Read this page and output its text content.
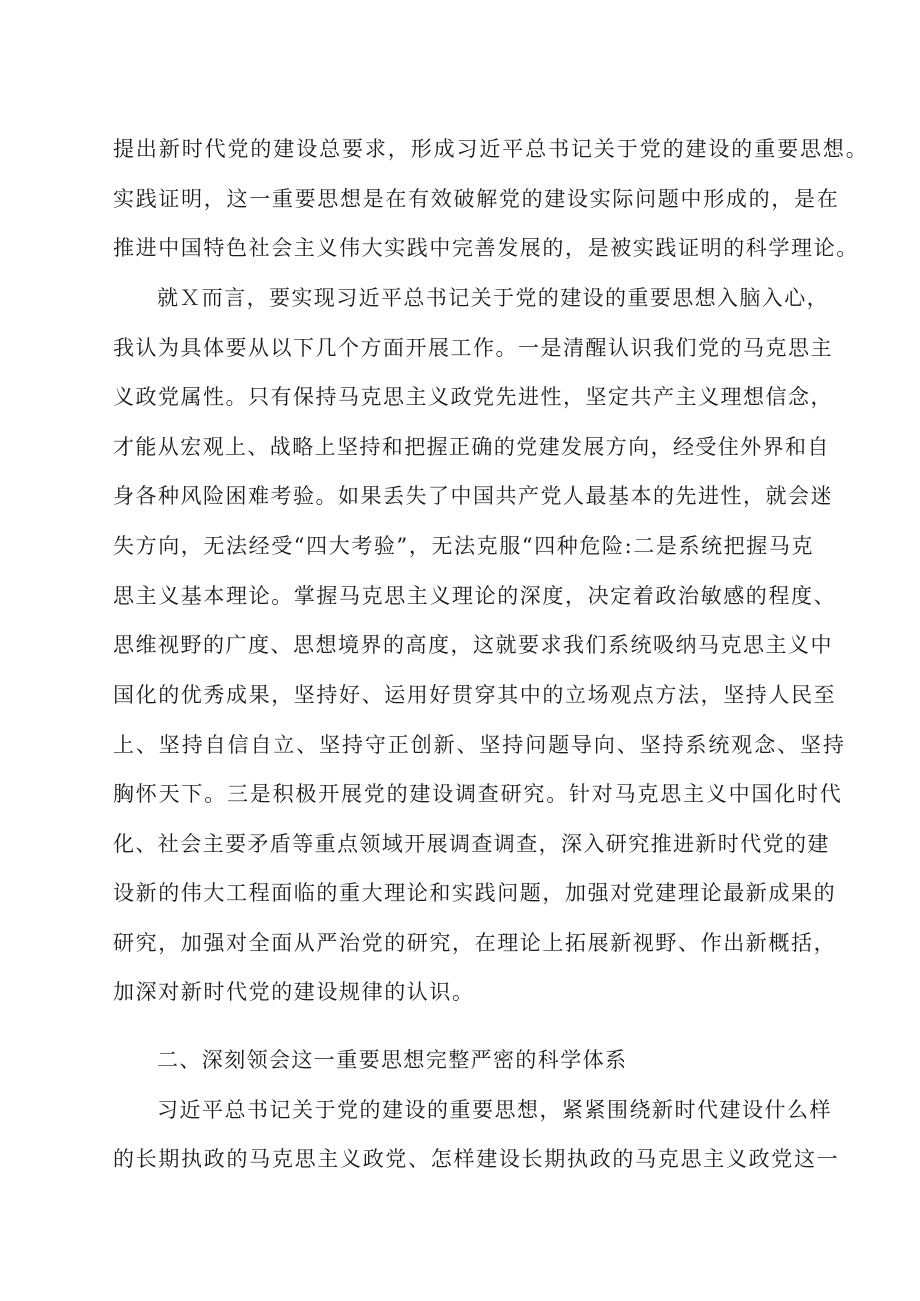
提出新时代党的建设总要求，形成习近平总书记关于党的建设的重要思想。
实践证明，这一重要思想是在有效破解党的建设实际问题中形成的，是在
推进中国特色社会主义伟大实践中完善发展的，是被实践证明的科学理论。
就Ｘ而言，要实现习近平总书记关于党的建设的重要思想入脑入心，
我认为具体要从以下几个方面开展工作。一是清醒认识我们党的马克思主
义政党属性。只有保持马克思主义政党先进性，坚定共产主义理想信念，
才能从宏观上、战略上坚持和把握正确的党建发展方向，经受住外界和自
身各种风险困难考验。如果丢失了中国共产党人最基本的先进性，就会迷
失方向，无法经受“四大考验”，无法克服“四种危险:二是系统把握马克
思主义基本理论。掌握马克思主义理论的深度，决定着政治敏感的程度、
思维视野的广度、思想境界的高度，这就要求我们系统吸纳马克思主义中
国化的优秀成果，坚持好、运用好贯穿其中的立场观点方法，坚持人民至
上、坚持自信自立、坚持守正创新、坚持问题导向、坚持系统观念、坚持
胸怀天下。三是积极开展党的建设调查研究。针对马克思主义中国化时代
化、社会主要矛盾等重点领域开展调查调查，深入研究推进新时代党的建
设新的伟大工程面临的重大理论和实践问题，加强对党建理论最新成果的
研究，加强对全面从严治党的研究，在理论上拓展新视野、作出新概括，
加深对新时代党的建设规律的认识。
二、深刻领会这一重要思想完整严密的科学体系
习近平总书记关于党的建设的重要思想，紧紧围绕新时代建设什么样
的长期执政的马克思主义政党、怎样建设长期执政的马克思主义政党这一
